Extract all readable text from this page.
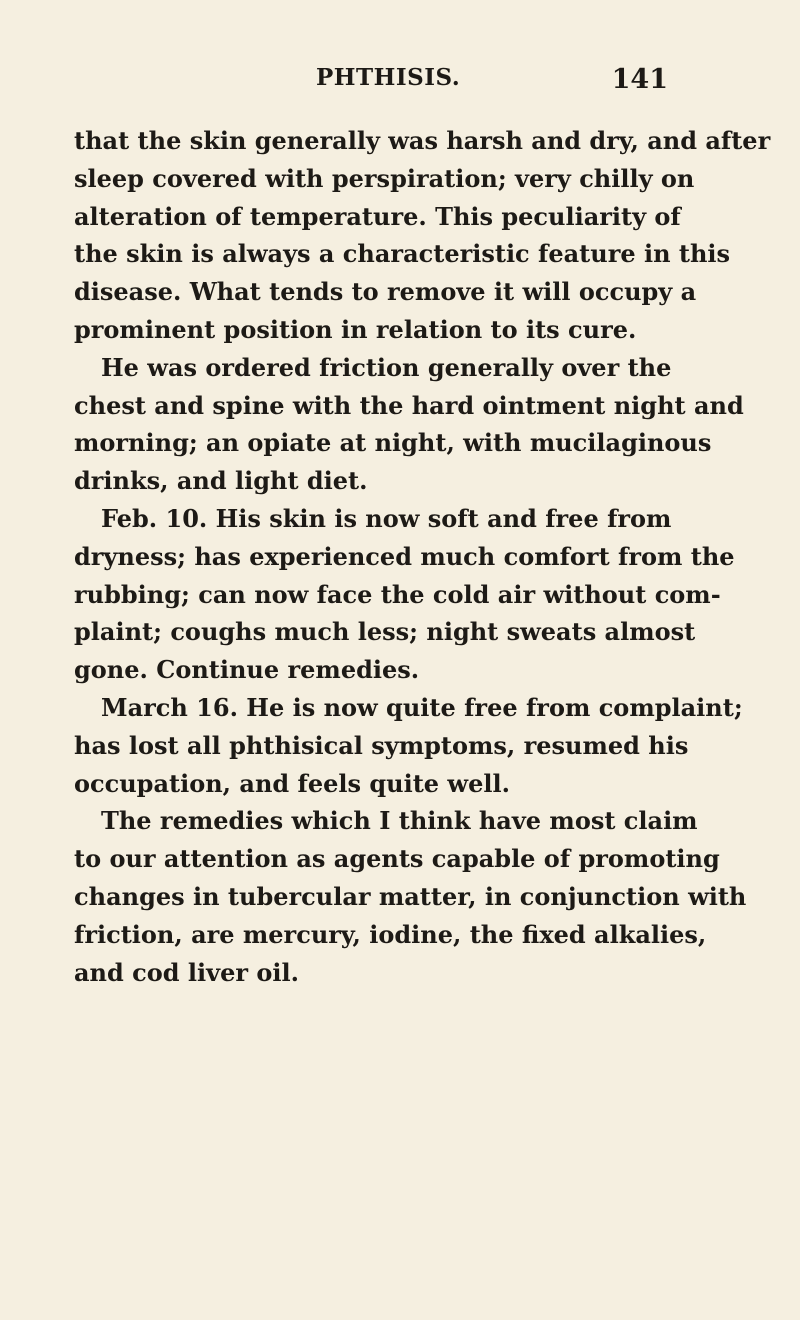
PHTHISIS.	141
that the skin generally was harsh and dry, and after
sleep covered with perspiration; very chilly on
alteration of temperature. This peculiarity of
the skin is always a characteristic feature in this
disease. What tends to remove it will occupy a
prominent position in relation to its cure.
He was ordered friction generally over the
chest and spine with the hard ointment night and
morning; an opiate at night, with mucilaginous
drinks, and light diet.
Feb. 10. His skin is now soft and free from
dryness; has experienced much comfort from the
rubbing; can now face the cold air without com-
plaint; coughs much less; night sweats almost
gone. Continue remedies.
March 16. He is now quite free from complaint;
has lost all phthisical symptoms, resumed his
occupation, and feels quite well.
The remedies which I think have most claim
to our attention as agents capable of promoting
changes in tubercular matter, in conjunction with
friction, are mercury, iodine, the fixed alkalies,
and cod liver oil.
